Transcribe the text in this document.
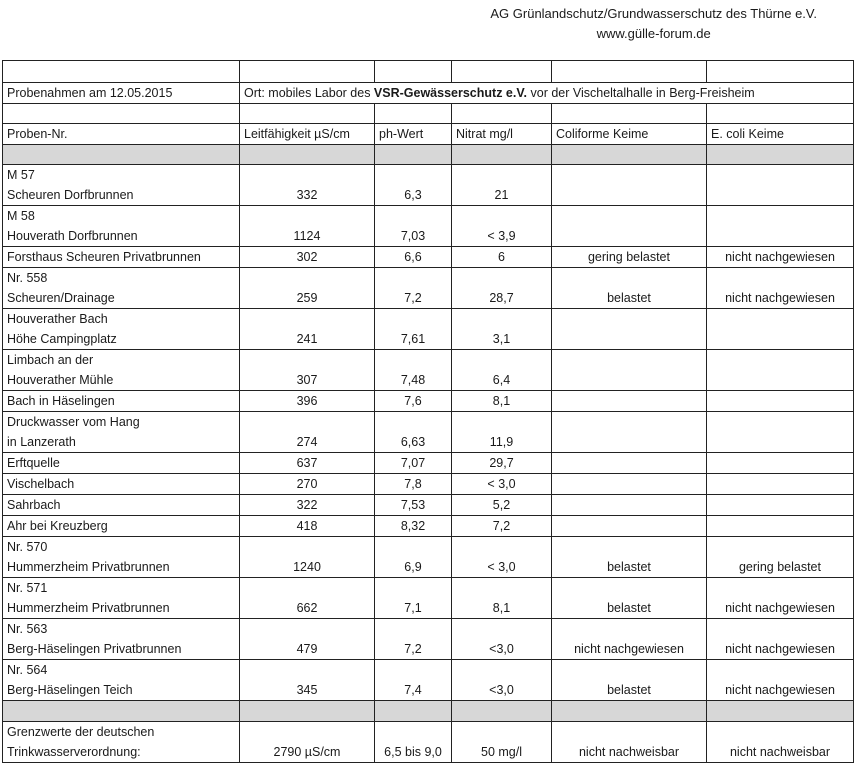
AG Grünlandschutz/Grundwasserschutz des Thürne e.V.
www.gülle-forum.de

Probenahmen am 12.05.2015	Ort: mobiles Labor des VSR-Gewässerschutz e.V. vor der Vischeltalhalle in Berg-Freisheim				

Proben-Nr.	Leitfähigkeit µS/cm	ph-Wert	Nitrat mg/l	Coliforme Keime	E. coli Keime

M 57
Scheuren Dorfbrunnen	332	6,3	21		

M 58
Houverath Dorfbrunnen	1124	7,03	< 3,9		

Forsthaus Scheuren Privatbrunnen	302	6,6	6	gering belastet	nicht nachgewiesen

Nr. 558
Scheuren/Drainage	259	7,2	28,7	belastet	nicht nachgewiesen

Houverather Bach
Höhe Campingplatz	241	7,61	3,1		

Limbach an der
Houverather Mühle	307	7,48	6,4		

Bach in Häselingen	396	7,6	8,1		

Druckwasser vom Hang
in Lanzerath	274	6,63	11,9		

Erftquelle	637	7,07	29,7		

Vischelbach	270	7,8	< 3,0		

Sahrbach	322	7,53	5,2		

Ahr bei Kreuzberg	418	8,32	7,2		

Nr. 570
Hummerzheim Privatbrunnen	1240	6,9	< 3,0	belastet	gering belastet

Nr. 571
Hummerzheim Privatbrunnen	662	7,1	8,1	belastet	nicht nachgewiesen

Nr. 563
Berg-Häselingen Privatbrunnen	479	7,2	<3,0	nicht nachgewiesen	nicht nachgewiesen

Nr. 564
Berg-Häselingen Teich	345	7,4	<3,0	belastet	nicht nachgewiesen

Grenzwerte der deutschen
Trinkwasserverordnung:	2790 µS/cm	6,5 bis 9,0	50 mg/l	nicht nachweisbar	nicht nachweisbar
